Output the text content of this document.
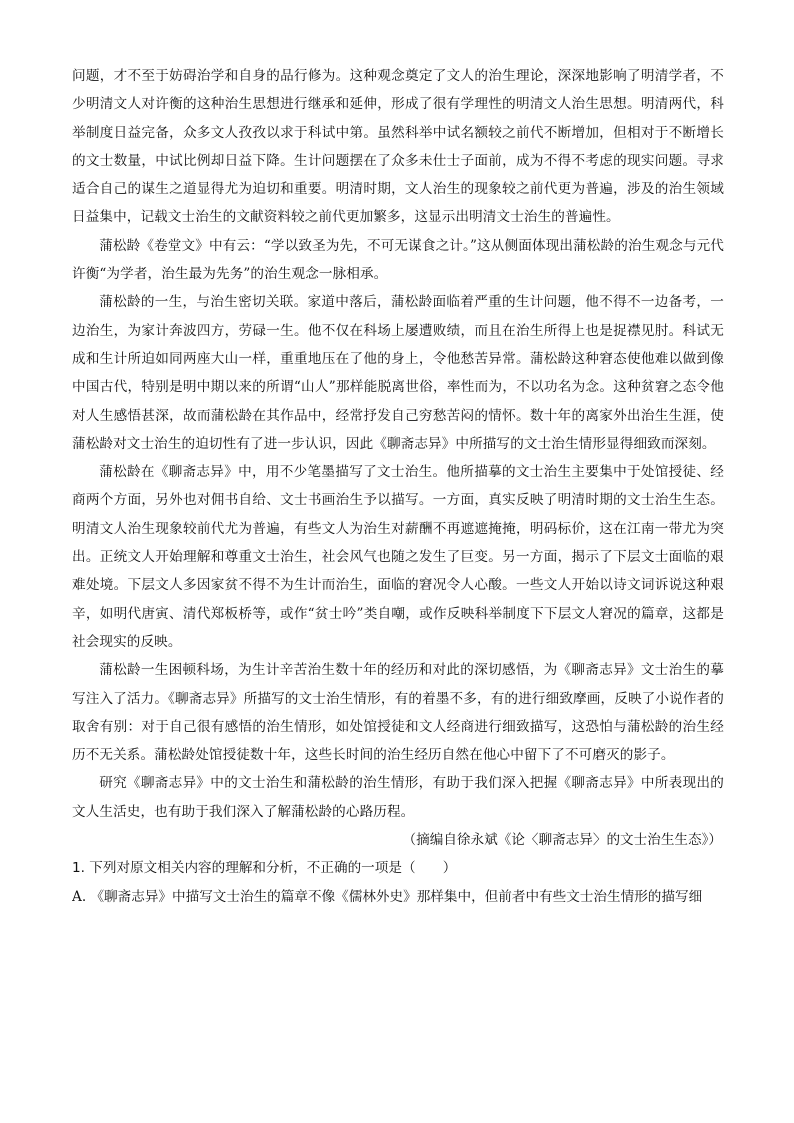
问题，才不至于妨碍治学和自身的品行修为。这种观念奠定了文人的治生理论，深深地影响了明清学者，不少明清文人对许衡的这种治生思想进行继承和延伸，形成了很有学理性的明清文人治生思想。明清两代，科举制度日益完备，众多文人孜孜以求于科试中第。虽然科举中试名额较之前代不断增加，但相对于不断增长的文士数量，中试比例却日益下降。生计问题摆在了众多未仕士子面前，成为不得不考虑的现实问题。寻求适合自己的谋生之道显得尤为迫切和重要。明清时期，文人治生的现象较之前代更为普遍，涉及的治生领域日益集中，记载文士治生的文献资料较之前代更加繁多，这显示出明清文士治生的普遍性。

蒲松龄《卷堂文》中有云：“学以致圣为先，不可无谋食之计。”这从侧面体现出蒲松龄的治生观念与元代许衡“为学者，治生最为先务”的治生观念一脉相承。

蒲松龄的一生，与治生密切关联。家道中落后，蒲松龄面临着严重的生计问题，他不得不一边备考，一边治生，为家计奔波四方，劳碌一生。他不仅在科场上屡遭败绩，而且在治生所得上也是捉襟见肘。科试无成和生计所迫如同两座大山一样，重重地压在了他的身上，令他愁苦异常。蒲松龄这种窘态使他难以做到像中国古代，特别是明中期以来的所谓“山人”那样能脱离世俗，率性而为，不以功名为念。这种贫窘之态令他对人生感悟甚深，故而蒲松龄在其作品中，经常抒发自己穷愁苦闷的情怀。数十年的离家外出治生生涯，使蒲松龄对文士治生的迫切性有了进一步认识，因此《聊斋志异》中所描写的文士治生情形显得细致而深刻。

蒲松龄在《聊斋志异》中，用不少笔墨描写了文士治生。他所描摹的文士治生主要集中于处馆授徒、经商两个方面，另外也对佣书自给、文士书画治生予以描写。一方面，真实反映了明清时期的文士治生生态。明清文人治生现象较前代尤为普遍，有些文人为治生对薪酬不再遮遮掩掩，明码标价，这在江南一带尤为突出。正统文人开始理解和尊重文士治生，社会风气也随之发生了巨变。另一方面，揭示了下层文士面临的艰难处境。下层文人多因家贫不得不为生计而治生，面临的窘况令人心酸。一些文人开始以诗文词诉说这种艰辛，如明代唐寅、清代郑板桥等，或作“贫士吟”类自嘲，或作反映科举制度下下层文人窘况的篇章，这都是社会现实的反映。

蒲松龄一生困顿科场，为生计辛苦治生数十年的经历和对此的深切感悟，为《聊斋志异》文士治生的摹写注入了活力。《聊斋志异》所描写的文士治生情形，有的着墨不多，有的进行细致摩画，反映了小说作者的取舍有别：对于自己很有感悟的治生情形，如处馆授徒和文人经商进行细致描写，这恐怕与蒲松龄的治生经历不无关系。蒲松龄处馆授徒数十年，这些长时间的治生经历自然在他心中留下了不可磨灭的影子。

研究《聊斋志异》中的文士治生和蒲松龄的治生情形，有助于我们深入把握《聊斋志异》中所表现出的文人生活史，也有助于我们深入了解蒲松龄的心路历程。

（摘编自徐永斌《论〈聊斋志异〉的文士治生生态》）

1. 下列对原文相关内容的理解和分析，不正确的一项是（　　）

A. 《聊斋志异》中描写文士治生的篇章不像《儒林外史》那样集中，但前者中有些文士治生情形的描写细
